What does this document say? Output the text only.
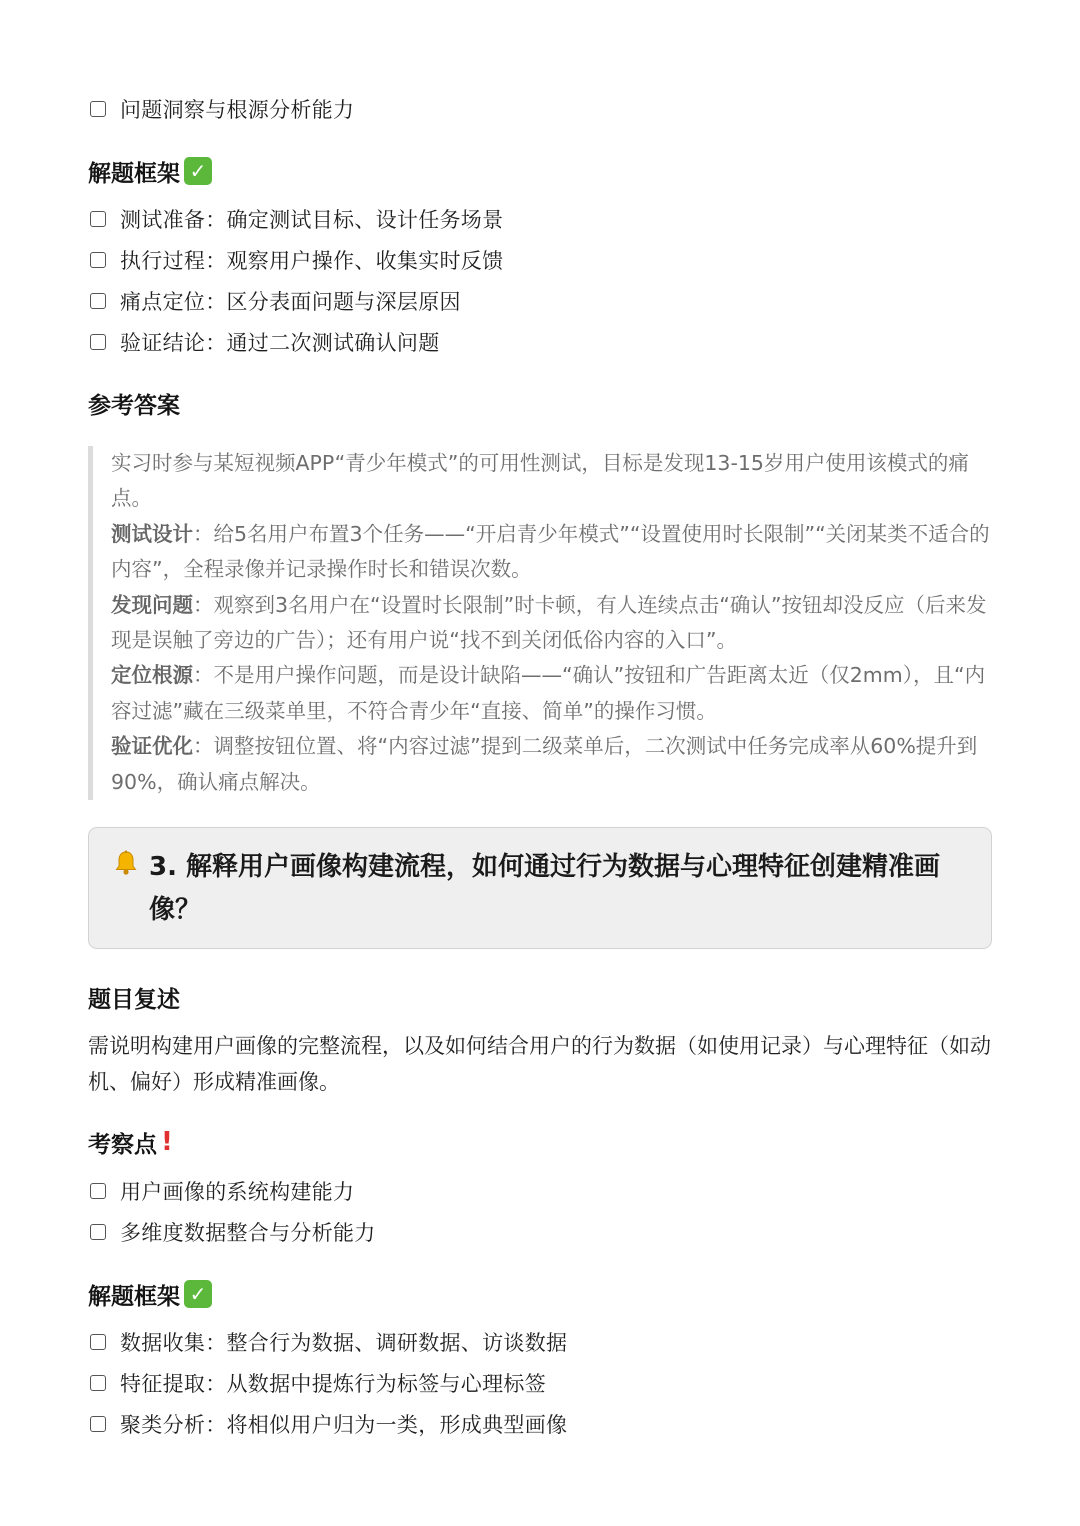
问题洞察与根源分析能力
解题框架 ✓
测试准备：确定测试目标、设计任务场景
执行过程：观察用户操作、收集实时反馈
痛点定位：区分表面问题与深层原因
验证结论：通过二次测试确认问题
参考答案
实习时参与某短视频APP“青少年模式”的可用性测试，目标是发现13-15岁用户使用该模式的痛点。
测试设计：给5名用户布置3个任务——“开启青少年模式”“设置使用时长限制”“关闭某类不适合的内容”，全程录像并记录操作时长和错误次数。
发现问题：观察到3名用户在“设置时长限制”时卡顿，有人连续点击“确认”按钮却没反应（后来发现是误触了旁边的广告）；还有用户说“找不到关闭低俗内容的入口”。
定位根源：不是用户操作问题，而是设计缺陷——“确认”按钮和广告距离太近（仅2mm），且“内容过滤”藏在三级菜单里，不符合青少年“直接、简单”的操作习惯。
验证优化：调整按钮位置、将“内容过滤”提到二级菜单后，二次测试中任务完成率从60%提升到90%，确认痛点解决。
3. 解释用户画像构建流程，如何通过行为数据与心理特征创建精准画像？
题目复述
需说明构建用户画像的完整流程，以及如何结合用户的行为数据（如使用记录）与心理特征（如动机、偏好）形成精准画像。
考察点 !
用户画像的系统构建能力
多维度数据整合与分析能力
解题框架 ✓
数据收集：整合行为数据、调研数据、访谈数据
特征提取：从数据中提炼行为标签与心理标签
聚类分析：将相似用户归为一类，形成典型画像
